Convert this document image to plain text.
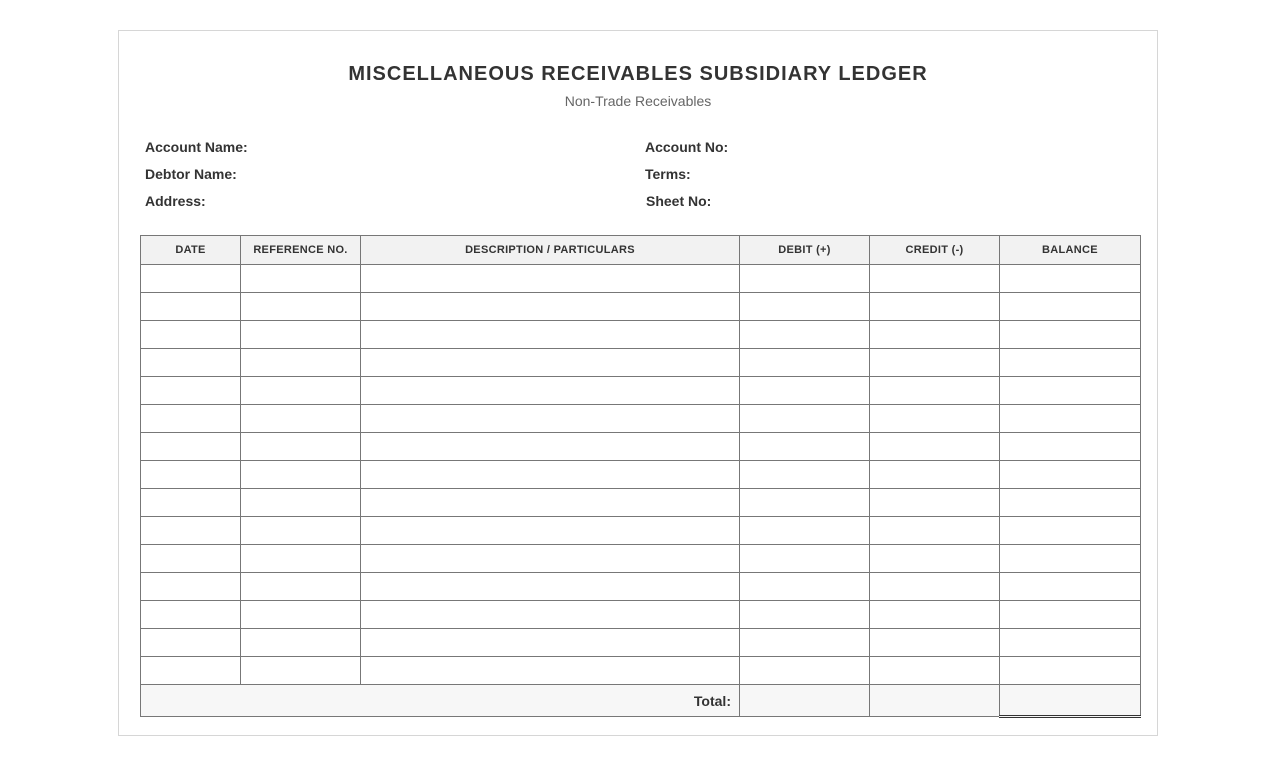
MISCELLANEOUS RECEIVABLES SUBSIDIARY LEDGER
Non-Trade Receivables
Account Name:
Debtor Name:
Address:
Account No:
Terms:
Sheet No:
DATE	REFERENCE NO.	DESCRIPTION / PARTICULARS	DEBIT (+)	CREDIT (-)	BALANCE

Total:					
